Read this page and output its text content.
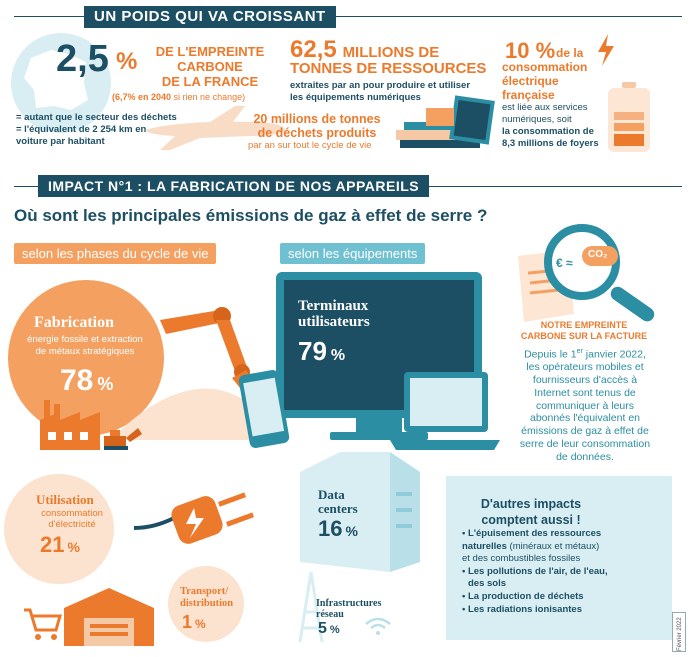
UN POIDS QUI VA CROISSANT
2,5 %	DE L'EMPREINTE
CARBONE
DE LA FRANCE
(6,7% en 2040 si rien ne change)
= autant que le secteur des déchets
= l'équivalent de 2 254 km en
voiture par habitant
62,5 MILLIONS DE
TONNES DE RESSOURCES
extraites par an pour produire et utiliser
les équipements numériques
20 millions de tonnes
de déchets produits
par an sur tout le cycle de vie
10 % de la
consommation
électrique
française
est liée aux services
numériques, soit
la consommation de
8,3 millions de foyers
IMPACT N°1 : LA FABRICATION DE NOS APPAREILS
Où sont les principales émissions de gaz à effet de serre ?
selon les phases du cycle de vie	selon les équipements
Fabrication
énergie fossile et extraction
de métaux stratégiques
78 %
Utilisation
consommation
d'électricité
21 %
Transport/
distribution
1 %
Terminaux
utilisateurs
79 %
Data
centers
16 %
Infrastructures
réseau
5 %
CO₂
€ ≈
NOTRE EMPREINTE
CARBONE SUR LA FACTURE
Depuis le 1er janvier 2022,
les opérateurs mobiles et
fournisseurs d'accès à
Internet sont tenus de
communiquer à leurs
abonnés l'équivalent en
émissions de gaz à effet de
serre de leur consommation
de données.
D'autres impacts
comptent aussi !
• L'épuisement des ressources
naturelles (minéraux et métaux)
et des combustibles fossiles
• Les pollutions de l'air, de l'eau,
des sols
• La production de déchets
• Les radiations ionisantes
Février 2022
